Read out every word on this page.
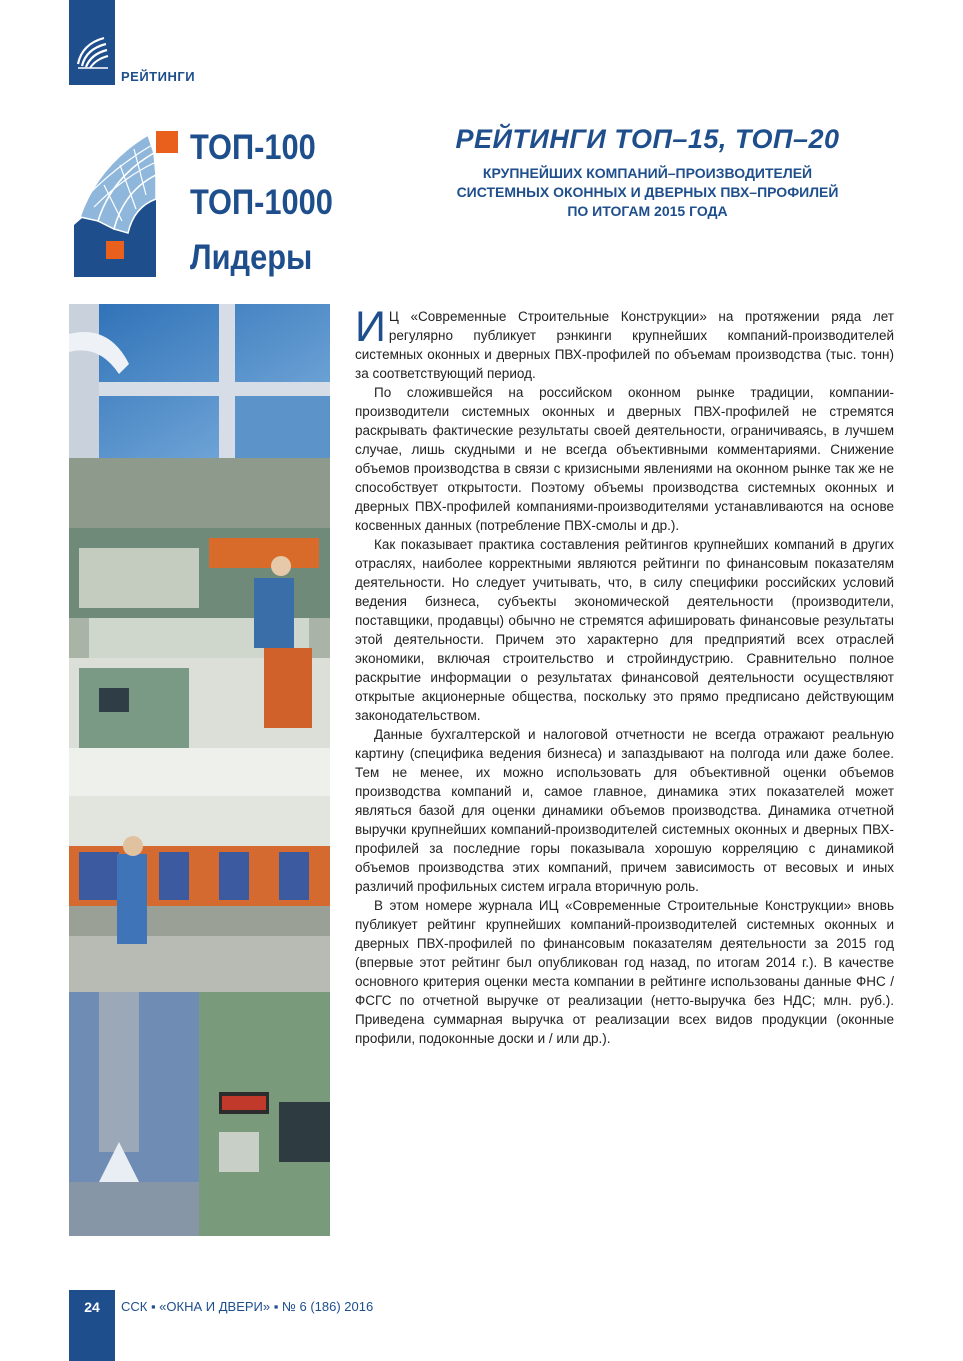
РЕЙТИНГИ
ТОП-100
ТОП-1000
Лидеры
РЕЙТИНГИ ТОП–15, ТОП–20
КРУПНЕЙШИХ КОМПАНИЙ–ПРОИЗВОДИТЕЛЕЙ
СИСТЕМНЫХ ОКОННЫХ И ДВЕРНЫХ ПВХ–ПРОФИЛЕЙ
ПО ИТОГАМ 2015 ГОДА

И Ц «Современные Строительные Конструкции» на протяжении ряда лет регулярно публикует рэнкинги крупнейших компаний-производителей системных оконных и дверных ПВХ-профилей по объемам производства (тыс. тонн) за соответствующий период.

По сложившейся на российском оконном рынке традиции, компании-производители системных оконных и дверных ПВХ-профилей не стремятся раскрывать фактические результаты своей деятельности, ограничиваясь, в лучшем случае, лишь скудными и не всегда объективными комментариями. Снижение объемов производства в связи с кризисными явлениями на оконном рынке так же не способствует открытости. Поэтому объемы производства системных оконных и дверных ПВХ-профилей компаниями-производителями устанавливаются на основе косвенных данных (потребление ПВХ-смолы и др.).

Как показывает практика составления рейтингов крупнейших компаний в других отраслях, наиболее корректными являются рейтинги по финансовым показателям деятельности. Но следует учитывать, что, в силу специфики российских условий ведения бизнеса, субъекты экономической деятельности (производители, поставщики, продавцы) обычно не стремятся афишировать финансовые результаты этой деятельности. Причем это характерно для предприятий всех отраслей экономики, включая строительство и стройиндустрию. Сравнительно полное раскрытие информации о результатах финансовой деятельности осуществляют открытые акционерные общества, поскольку это прямо предписано действующим законодательством.

Данные бухгалтерской и налоговой отчетности не всегда отражают реальную картину (специфика ведения бизнеса) и запаздывают на полгода или даже более. Тем не менее, их можно использовать для объективной оценки объемов производства компаний и, самое главное, динамика этих показателей может являться базой для оценки динамики объемов производства. Динамика отчетной выручки крупнейших компаний-производителей системных оконных и дверных ПВХ-профилей за последние горы показывала хорошую корреляцию с динамикой объемов производства этих компаний, причем зависимость от весовых и иных различий профильных систем играла вторичную роль.

В этом номере журнала ИЦ «Современные Строительные Конструкции» вновь публикует рейтинг крупнейших компаний-производителей системных оконных и дверных ПВХ-профилей по финансовым показателям деятельности за 2015 год (впервые этот рейтинг был опубликован год назад, по итогам 2014 г.). В качестве основного критерия оценки места компании в рейтинге использованы данные ФНС / ФСГС по отчетной выручке от реализации (нетто-выручка без НДС; млн. руб.). Приведена суммарная выручка от реализации всех видов продукции (оконные профили, подоконные доски и / или др.).

24	ССК ▪ «ОКНА И ДВЕРИ» ▪ № 6 (186) 2016
